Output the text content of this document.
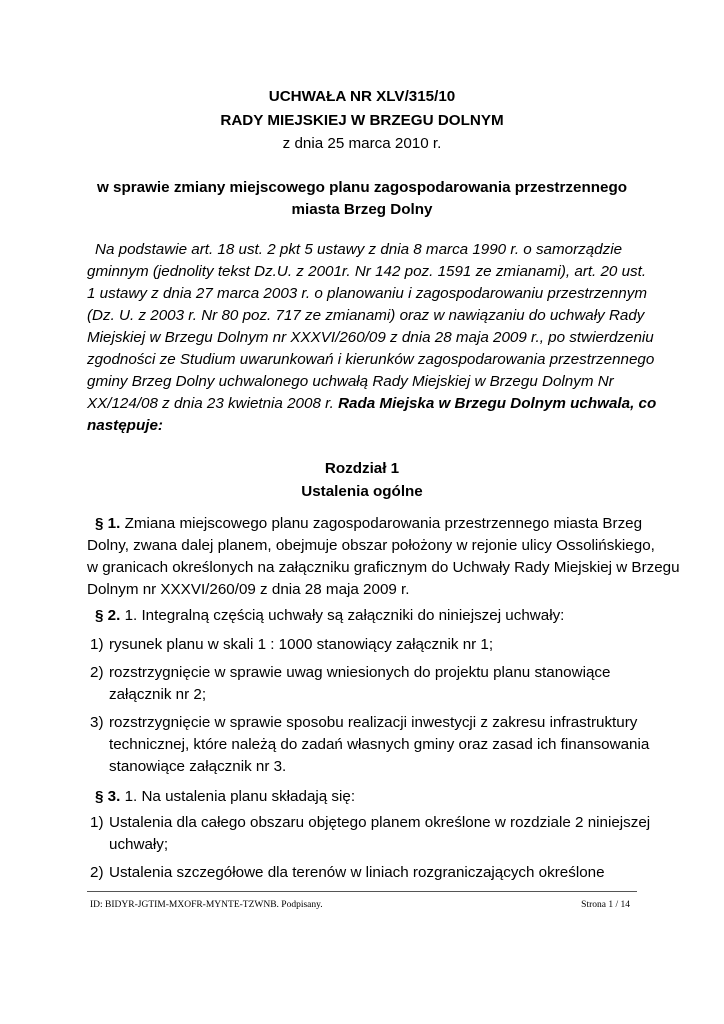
UCHWAŁA NR XLV/315/10
RADY MIEJSKIEJ W BRZEGU DOLNYM
z dnia 25 marca 2010 r.
w sprawie zmiany miejscowego planu zagospodarowania przestrzennego
miasta Brzeg Dolny
Na podstawie art. 18 ust. 2 pkt 5 ustawy z dnia 8 marca 1990 r. o samorządzie
gminnym (jednolity tekst Dz.U. z 2001r. Nr 142 poz. 1591 ze zmianami), art. 20 ust.
1 ustawy z dnia 27 marca 2003 r. o planowaniu i zagospodarowaniu przestrzennym
(Dz. U. z 2003 r. Nr 80 poz. 717 ze zmianami) oraz w nawiązaniu do uchwały Rady
Miejskiej w Brzegu Dolnym nr XXXVI/260/09 z dnia 28 maja 2009 r., po stwierdzeniu
zgodności ze Studium uwarunkowań i kierunków zagospodarowania przestrzennego
gminy Brzeg Dolny uchwalonego uchwałą Rady Miejskiej w Brzegu Dolnym Nr
XX/124/08 z dnia 23 kwietnia 2008 r. Rada Miejska w Brzegu Dolnym uchwala, co
następuje:
Rozdział 1
Ustalenia ogólne
§ 1. Zmiana miejscowego planu zagospodarowania przestrzennego miasta Brzeg
Dolny, zwana dalej planem, obejmuje obszar położony w rejonie ulicy Ossolińskiego,
w granicach określonych na załączniku graficznym do Uchwały Rady Miejskiej w Brzegu
Dolnym nr XXXVI/260/09 z dnia 28 maja 2009 r.
§ 2. 1. Integralną częścią uchwały są załączniki do niniejszej uchwały:
1) rysunek planu w skali 1 : 1000 stanowiący załącznik nr 1;
2) rozstrzygnięcie w sprawie uwag wniesionych do projektu planu stanowiące
załącznik nr 2;
3) rozstrzygnięcie w sprawie sposobu realizacji inwestycji z zakresu infrastruktury
technicznej, które należą do zadań własnych gminy oraz zasad ich finansowania
stanowiące załącznik nr 3.
§ 3. 1. Na ustalenia planu składają się:
1) Ustalenia dla całego obszaru objętego planem określone w rozdziale 2 niniejszej
uchwały;
2) Ustalenia szczegółowe dla terenów w liniach rozgraniczających określone
ID: BIDYR-JGTIM-MXOFR-MYNTE-TZWNB. Podpisany.	Strona 1 / 14
